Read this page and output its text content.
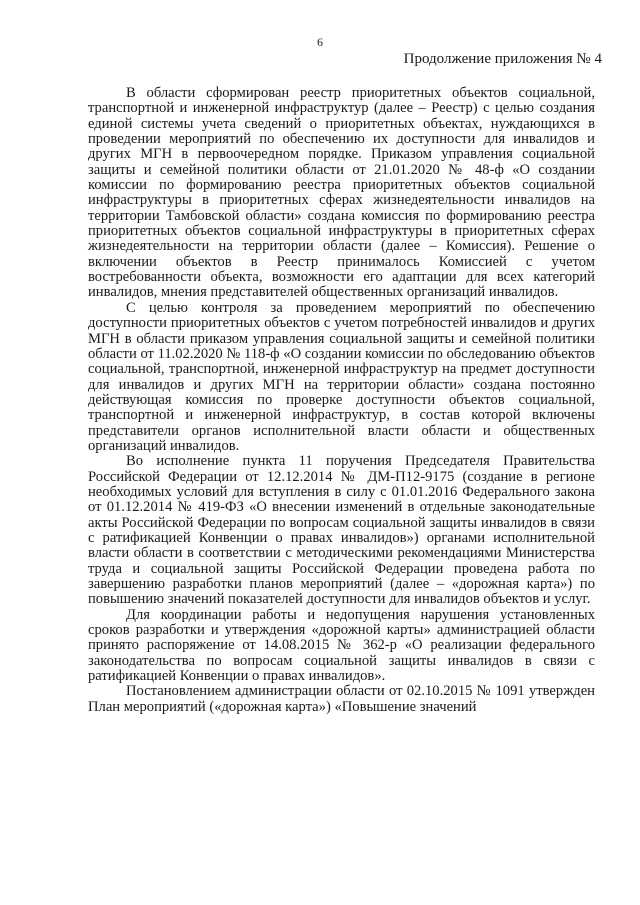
6
Продолжение приложения № 4

В области сформирован реестр приоритетных объектов социальной, транспортной и инженерной инфраструктур (далее – Реестр) с целью создания единой системы учета сведений о приоритетных объектах, нуждающихся в проведении мероприятий по обеспечению их доступности для инвалидов и других МГН в первоочередном порядке. Приказом управления социальной защиты и семейной политики области от 21.01.2020 № 48-ф «О создании комиссии по формированию реестра приоритетных объектов социальной инфраструктуры в приоритетных сферах жизнедеятельности инвалидов на территории Тамбовской области» создана комиссия по формированию реестра приоритетных объектов социальной инфраструктуры в приоритетных сферах жизнедеятельности на территории области (далее – Комиссия). Решение о включении объектов в Реестр принималось Комиссией с учетом востребованности объекта, возможности его адаптации для всех категорий инвалидов, мнения представителей общественных организаций инвалидов.

С целью контроля за проведением мероприятий по обеспечению доступности приоритетных объектов с учетом потребностей инвалидов и других МГН в области приказом управления социальной защиты и семейной политики области от 11.02.2020 № 118-ф «О создании комиссии по обследованию объектов социальной, транспортной, инженерной инфраструктур на предмет доступности для инвалидов и других МГН на территории области» создана постоянно действующая комиссия по проверке доступности объектов социальной, транспортной и инженерной инфраструктур, в состав которой включены представители органов исполнительной власти области и общественных организаций инвалидов.

Во исполнение пункта 11 поручения Председателя Правительства Российской Федерации от 12.12.2014 № ДМ-П12-9175 (создание в регионе необходимых условий для вступления в силу с 01.01.2016 Федерального закона от 01.12.2014 № 419-ФЗ «О внесении изменений в отдельные законодательные акты Российской Федерации по вопросам социальной защиты инвалидов в связи с ратификацией Конвенции о правах инвалидов») органами исполнительной власти области в соответствии с методическими рекомендациями Министерства труда и социальной защиты Российской Федерации проведена работа по завершению разработки планов мероприятий (далее – «дорожная карта») по повышению значений показателей доступности для инвалидов объектов и услуг.

Для координации работы и недопущения нарушения установленных сроков разработки и утверждения «дорожной карты» администрацией области принято распоряжение от 14.08.2015 № 362-р «О реализации федерального законодательства по вопросам социальной защиты инвалидов в связи с ратификацией Конвенции о правах инвалидов».

Постановлением администрации области от 02.10.2015 № 1091 утвержден План мероприятий («дорожная карта») «Повышение значений
